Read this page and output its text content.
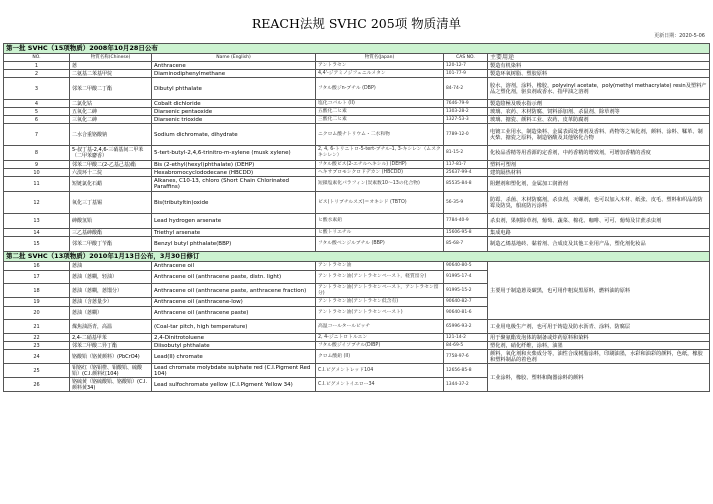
REACH法规 SVHC 205项 物质清单
更新日期：2020-5-06
第一批 SVHC（15项物质）2008年10月28日公布					
NO.	物質名称(Chinese)	Name (English)	物質名(Japan)	CAS NO.	主要用途
1	蒽	Anthracene	アントラセン	120-12-7	製造有机染料
2	二氨基二苯基甲烷	Diaminodiphenylmethane	4,4'-ジアミノジフェニルメタン	101-77-9	製造环氧树脂、塑胶原料
3	邻苯二甲酸二丁酯	Dibutyl phthalate	フタル酸ジn-ブチル (DBP)	84-74-2	胶水，溶剂，涂料，橡胶，polyvinyl acetate，poly(methyl methacrylate) resin及塑料产品之塑化剂，驱虫剂或香水、指甲油之溶剂
4	二氯化钴	Cobalt dichloride	塩化コバルト (II)	7646-79-9	製造陰極及吸水指示劑
5	五氧化二砷	Diarsenic pentaoxide	五酸化二ヒ素	1303-28-2	玻璃、农药、木材防腐、饲料添加剂、杀鼠剂、除草剂等
6	三氧化二砷	Diarsenic trioxide	三酸化二ヒ素	1327-53-3	玻璃、搪瓷、颜料工业、农药、皮革防腐剂
7	二水合重铬酸钠	Sodium dichromate, dihydrate	ニクロム酸ナトリウム・二水和物	7789-12-0	电镀工业用水，制造染料、金属表面处理剂及香料、药物等之氧化剂，颜料、涂料、鞣革、制火柴、搪瓷之原料，制造铬酸及其他铬化合物
8	5-叔丁基-2,4,6-三硝基间二甲苯（二甲苯麝香）	5-tert-butyl-2,4,6-trinitro-m-xylene (musk xylene)	2, 4, 6-トリニトロ-5-tert-ブチル-1, 3-キシレン（ムスクキシレン）	81-15-2	化妆品香精等用香源的定香剂，中药香精的增效剂，可增加香精的香度
9	邻苯二甲酸二(2-乙基己基)酯	Bis (2-ethyl(hexyl)phthalate) (DEHP)	フタル酸ビス(2-エチルヘキシル) (DEHP)	117-81-7	塑料可塑剂
10	六溴环十二烷	Hexabromocyclododecane (HBCDD)	ヘキサブロモシクロドデカン (HBCDD)	25637-99-4	建筑隔热材料
11	短链氯化石蜡	Alkanes, C10-13, chloro (Short Chain Chlorinated Paraffins)	短鎖塩素化パラフィン(炭素数10～13の化合物)	85535-84-8	阻燃剂和塑化剂，金属加工润滑剂
12	氧化三丁基锡	Bis(tributyltin)oxide	ビス(トリブチルスズ)＝オキシド (TBTO)	56-35-9	防霉、杀菌、木材防腐剂，杀虫剂，灭螺剂，也可以加入木材、纸张、皮毛、塑料和织品的防霉及防臭，船底防污涂料
13	砷酸氢铅	Lead hydrogen arsenate	ヒ酸水素鉛	7784-40-9	杀虫剂，果树除草剂，葡萄、蔬菜、棉花、咖啡、可可、葡萄及甘蔗杀虫剂
14	三乙基砷酸酯	Triethyl arsenate	ヒ酸トリエチル	15606-95-8	集成电路
15	邻苯二甲酸丁苄酯	Benzyl butyl phthalate(BBP)	フタル酸ベンジルブチル (BBP)	85-68-7	制造乙烯基地砖、黏着剂、合成皮及其他工业用产品，塑化剂化妆品
第二批 SVHC（13项物质）2010年1月13日公布，3月30日修订					
16	蒽油	Anthracene oil	アントラセン油	90640-80-5	主要用于制造蒽及碳黑，也可用作粗炭黑原料，燃料油的原料
17	蒽油（蒽糊，轻油）	Anthracene oil (anthracene paste, distn. light)	アントラセン油(アントラセンペースト，軽質留分)	91995-17-4	
18	蒽油（蒽糊，蒽馏分）	Anthracene oil (anthracene paste, anthracene fraction)	アントラセン油(アントラセンペースト，アントラセン留分)	91995-15-2	
19	蒽油（含蒽量少）	Anthracene oil (anthracene-low)	アントラセン油(アントラセン低含有)	90640-82-7	
20	蒽油（蒽糊）	Anthracene oil (anthracene paste)	アントラセン油(アントラセンペースト)	90640-81-6	
21	煤焦油沥青，高温	(Coal-tar pitch, high temperature)	高温コールタールピッチ	65996-93-2	工业用电极生产剂，也可用于铸造及防水沥青、涂料、防腐层
22	2,4-二硝基甲苯	2,4-Dinitrotoluene	2, 4-ジニトロトルエン	121-14-2	用于聚氨酯发泡体的制备或炸药原料和染料
23	邻苯二甲酸二异丁酯	Diisobutyl phthalate	フタル酸ジイソブチル(DIBP)	84-69-5	塑化剂，硝化纤维，涂料，油墨
24	铬酸铅（铬黄颜料）(PbCrO4)	Lead(II) chromate	クロム酸鉛 (II)	7758-97-6	颜料，氧化剂和火柴成分等，油性合成树脂涂料，印刷油墨，水彩和油彩的颜料，色纸，橡胶和塑料制品的着色剂
25	钼铬红（铬钼橙、钼酸铅、硫酸铅）(C.I.颜料红104)	Lead chromate molybdate sulphate red (C.I.Pigment Red 104)	C.I.ピグメントレッド104	12656-85-8	工业涂料，橡胶、塑料和陶器涂料的颜料
26	铬硫黄（铬硫酸铅、铬酸铅）(C.I.颜料黄34)	Lead sulfochromate yellow (C.I.Pigment Yellow 34)	C.I.ピグメントイエロー34	1344-37-2	
